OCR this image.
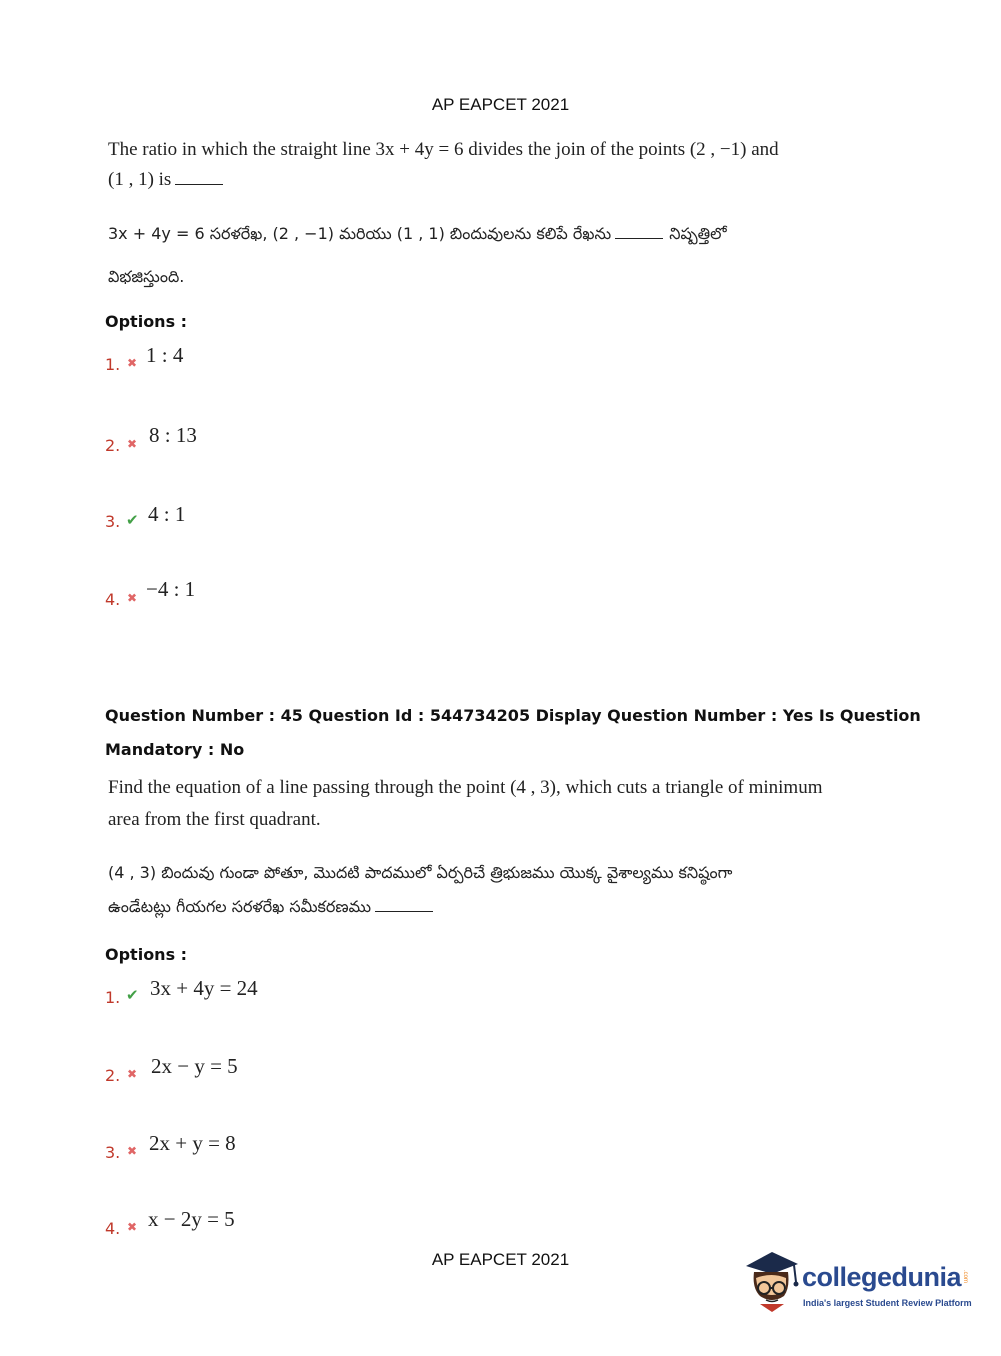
AP EAPCET 2021
The ratio in which the straight line 3x + 4y = 6 divides the join of the points (2 , −1) and
(1 , 1) is
3x + 4y = 6 సరళరేఖ, (2 , −1) మరియు (1 , 1) బిందువులను కలిపే రేఖను	నిష్పత్తిలో
విభజిస్తుంది.
Options :
1. ✖ 1 : 4
2. ✖ 8 : 13
3. ✔ 4 : 1
4. ✖ −4 : 1
Question Number : 45 Question Id : 544734205 Display Question Number : Yes Is Question
Mandatory : No
Find the equation of a line passing through the point (4 , 3), which cuts a triangle of minimum
area from the first quadrant.
(4 , 3) బిందువు గుండా పోతూ, మొదటి పాదములో ఏర్పరిచే త్రిభుజము యొక్క వైశాల్యము కనిష్ఠంగా
ఉండేటట్లు గీయగల సరళరేఖ సమీకరణము
Options :
1. ✔ 3x + 4y = 24
2. ✖ 2x − y = 5
3. ✖ 2x + y = 8
4. ✖ x − 2y = 5
AP EAPCET 2021
collegedunia .com
India's largest Student Review Platform
